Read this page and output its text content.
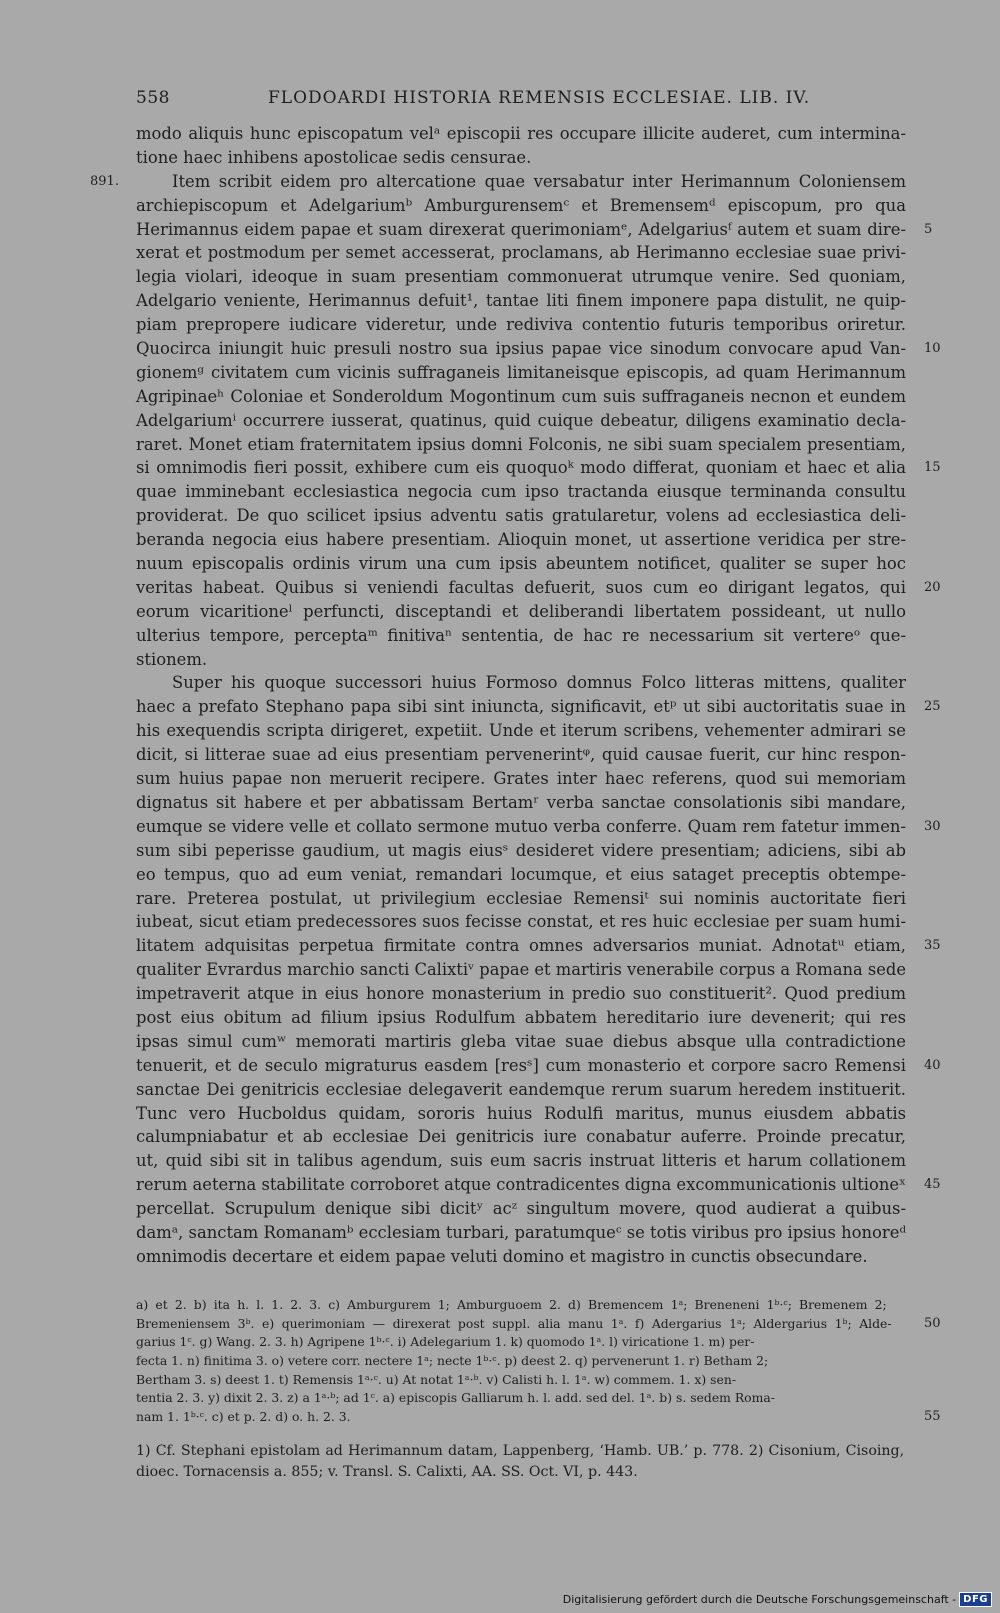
558	FLODOARDI HISTORIA REMENSIS ECCLESIAE. LIB. IV.
modo aliquis hunc episcopatum velᵃ episcopii res occupare illicite auderet, cum intermina-
tione haec inhibens apostolicae sedis censurae.
Item scribit eidem pro altercatione quae versabatur inter Herimannum Coloniensem
891.
archiepiscopum et Adelgariumᵇ Amburgurensemᶜ et Bremensemᵈ episcopum, pro qua
Herimannus eidem papae et suam direxerat querimoniamᵉ, Adelgariusᶠ autem et suam dire- 5
xerat et postmodum per semet accesserat, proclamans, ab Herimanno ecclesiae suae privi-
legia violari, ideoque in suam presentiam commonuerat utrumque venire. Sed quoniam,
Adelgario veniente, Herimannus defuit¹, tantae liti finem imponere papa distulit, ne quip-
piam prepropere iudicare videretur, unde rediviva contentio futuris temporibus oriretur.
Quocirca iniungit huic presuli nostro sua ipsius papae vice sinodum convocare apud Van- 10
gionemᵍ civitatem cum vicinis suffraganeis limitaneisque episcopis, ad quam Herimannum
Agripinaeʰ Coloniae et Sonderoldum Mogontinum cum suis suffraganeis necnon et eundem
Adelgariumⁱ occurrere iusserat, quatinus, quid cuique debeatur, diligens examinatio decla-
raret. Monet etiam fraternitatem ipsius domni Folconis, ne sibi suam specialem presentiam,
si omnimodis fieri possit, exhibere cum eis quoquoᵏ modo differat, quoniam et haec et alia 15
quae imminebant ecclesiastica negocia cum ipso tractanda eiusque terminanda consultu
providerat. De quo scilicet ipsius adventu satis gratularetur, volens ad ecclesiastica deli-
beranda negocia eius habere presentiam. Alioquin monet, ut assertione veridica per stre-
nuum episcopalis ordinis virum una cum ipsis abeuntem notificet, qualiter se super hoc
veritas habeat. Quibus si veniendi facultas defuerit, suos cum eo dirigant legatos, qui 20
eorum vicaritioneˡ perfuncti, disceptandi et deliberandi libertatem possideant, ut nullo
ulterius tempore, perceptaᵐ finitivaⁿ sententia, de hac re necessarium sit vertereᵒ que-
stionem.
Super his quoque successori huius Formoso domnus Folco litteras mittens, qualiter
haec a prefato Stephano papa sibi sint iniuncta, significavit, etᵖ ut sibi auctoritatis suae in 25
his exequendis scripta dirigeret, expetiit. Unde et iterum scribens, vehementer admirari se
dicit, si litterae suae ad eius presentiam pervenerintᵠ, quid causae fuerit, cur hinc respon-
sum huius papae non meruerit recipere. Grates inter haec referens, quod sui memoriam
dignatus sit habere et per abbatissam Bertamʳ verba sanctae consolationis sibi mandare,
eumque se videre velle et collato sermone mutuo verba conferre. Quam rem fatetur immen- 30
sum sibi peperisse gaudium, ut magis eiusˢ desideret videre presentiam; adiciens, sibi ab
eo tempus, quo ad eum veniat, remandari locumque, et eius sataget preceptis obtempe-
rare. Preterea postulat, ut privilegium ecclesiae Remensiᵗ sui nominis auctoritate fieri
iubeat, sicut etiam predecessores suos fecisse constat, et res huic ecclesiae per suam humi-
litatem adquisitas perpetua firmitate contra omnes adversarios muniat. Adnotatᵘ etiam, 35
qualiter Evrardus marchio sancti Calixtiᵛ papae et martiris venerabile corpus a Romana sede
impetraverit atque in eius honore monasterium in predio suo constituerit². Quod predium
post eius obitum ad filium ipsius Rodulfum abbatem hereditario iure devenerit; qui res
ipsas simul cumʷ memorati martiris gleba vitae suae diebus absque ulla contradictione
tenuerit, et de seculo migraturus easdem [resˢ] cum monasterio et corpore sacro Remensi 40
sanctae Dei genitricis ecclesiae delegaverit eandemque rerum suarum heredem instituerit.
Tunc vero Hucboldus quidam, sororis huius Rodulfi maritus, munus eiusdem abbatis
calumpniabatur et ab ecclesiae Dei genitricis iure conabatur auferre. Proinde precatur,
ut, quid sibi sit in talibus agendum, suis eum sacris instruat litteris et harum collationem
rerum aeterna stabilitate corroboret atque contradicentes digna excommunicationis ultioneˣ 45
percellat. Scrupulum denique sibi dicitʸ acᶻ singultum movere, quod audierat a quibus-
damᵃ, sanctam Romanamᵇ ecclesiam turbari, paratumqueᶜ se totis viribus pro ipsius honoreᵈ
omnimodis decertare et eidem papae veluti domino et magistro in cunctis obsecundare.
a) et 2. b) ita h. l. 1. 2. 3. c) Amburgurem 1; Amburguoem 2. d) Bremencem 1ᵃ; Breneneni 1ᵇ·ᶜ; Bremenem 2;
Bremeniensem 3ᵇ. e) querimoniam — direxerat post suppl. alia manu 1ᵃ. f) Adergarius 1ᵃ; Aldergarius 1ᵇ; Alde- 50
garius 1ᶜ. g) Wang. 2. 3. h) Agripene 1ᵇ·ᶜ. i) Adelegarium 1. k) quomodo 1ᵃ. l) viricatione 1. m) per-
fecta 1. n) finitima 3. o) vetere corr. nectere 1ᵃ; necte 1ᵇ·ᶜ. p) deest 2. q) pervenerunt 1. r) Betham 2;
Bertham 3. s) deest 1. t) Remensis 1ᵃ·ᶜ. u) At notat 1ᵃ·ᵇ. v) Calisti h. l. 1ᵃ. w) commem. 1. x) sen-
tentia 2. 3. y) dixit 2. 3. z) a 1ᵃ·ᵇ; ad 1ᶜ. a) episcopis Galliarum h. l. add. sed del. 1ᵃ. b) s. sedem Roma-
nam 1. 1ᵇ·ᶜ. c) et p. 2. d) o. h. 2. 3.	55
1) Cf. Stephani epistolam ad Herimannum datam, Lappenberg, ‘Hamb. UB.’ p. 778. 2) Cisonium, Cisoing,
dioec. Tornacensis a. 855; v. Transl. S. Calixti, AA. SS. Oct. VI, p. 443.
Digitalisierung gefördert durch die Deutsche Forschungsgemeinschaft - DFG
